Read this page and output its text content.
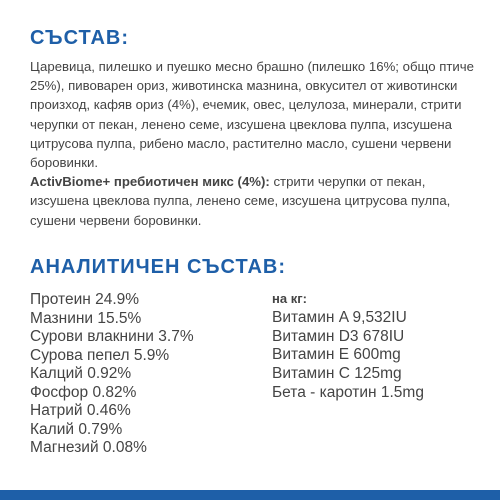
СЪСТАВ:
Царевица, пилешко и пуешко месно брашно (пилешко 16%; общо птиче 25%), пивоварен ориз, животинска мазнина, овкусител от животински произход, кафяв ориз (4%), ечемик, овес, целулоза, минерали, стрити черупки от пекан, ленено семе, изсушена цвеклова пулпа, изсушена цитрусова пулпа, рибено масло, растително масло, сушени червени боровинки.
ActivBiome+ пребиотичен микс (4%): стрити черупки от пекан, изсушена цвеклова пулпа, ленено семе, изсушена цитрусова пулпа, сушени червени боровинки.
АНАЛИТИЧЕН СЪСТАВ:
Протеин 24.9%
Мазнини 15.5%
Сурови влакнини 3.7%
Сурова пепел 5.9%
Калций 0.92%
Фосфор 0.82%
Натрий 0.46%
Калий 0.79%
Магнезий 0.08%
на кг:
Витамин A 9,532IU
Витамин D3 678IU
Витамин E 600mg
Витамин C 125mg
Бета - каротин 1.5mg
